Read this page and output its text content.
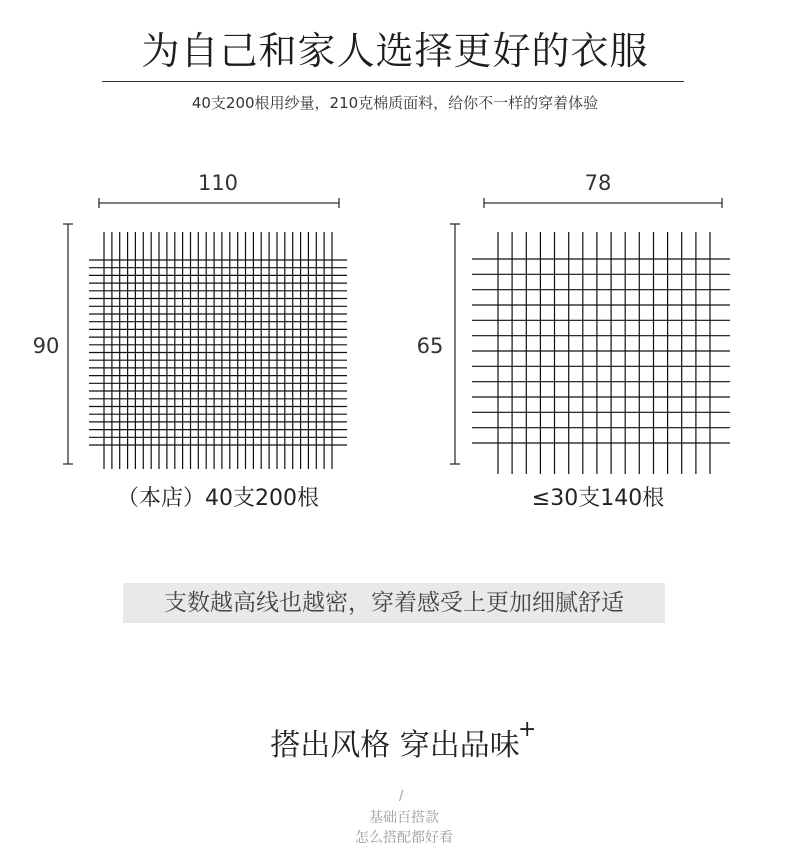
为自己和家人选择更好的衣服
40支200根用纱量，210克棉质面料，给你不一样的穿着体验
110
90
78
65
（本店）40支200根	≤30支140根
支数越高线也越密，穿着感受上更加细腻舒适
搭出风格 穿出品味
+
/
基础百搭款
怎么搭配都好看
